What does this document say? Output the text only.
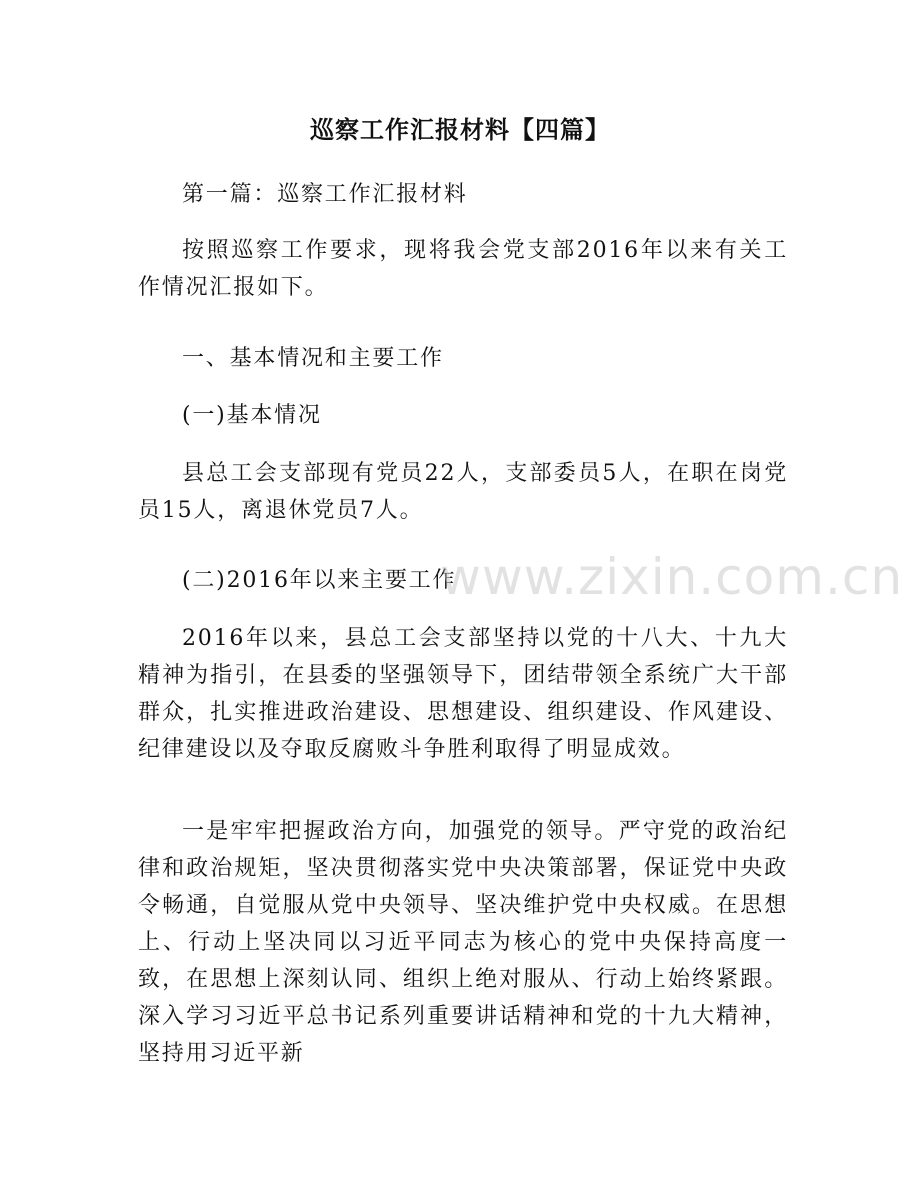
巡察工作汇报材料【四篇】

第一篇：巡察工作汇报材料

按照巡察工作要求，现将我会党支部2016年以来有关工作情况汇报如下。

一、基本情况和主要工作

(一)基本情况

县总工会支部现有党员22人，支部委员5人，在职在岗党员15人，离退休党员7人。

(二)2016年以来主要工作

2016年以来，县总工会支部坚持以党的十八大、十九大精神为指引，在县委的坚强领导下，团结带领全系统广大干部群众，扎实推进政治建设、思想建设、组织建设、作风建设、纪律建设以及夺取反腐败斗争胜利取得了明显成效。

一是牢牢把握政治方向，加强党的领导。严守党的政治纪律和政治规矩，坚决贯彻落实党中央决策部署，保证党中央政令畅通，自觉服从党中央领导、坚决维护党中央权威。在思想上、行动上坚决同以习近平同志为核心的党中央保持高度一致，在思想上深刻认同、组织上绝对服从、行动上始终紧跟。深入学习习近平总书记系列重要讲话精神和党的十九大精神，坚持用习近平新

www.zixin.com.cn
